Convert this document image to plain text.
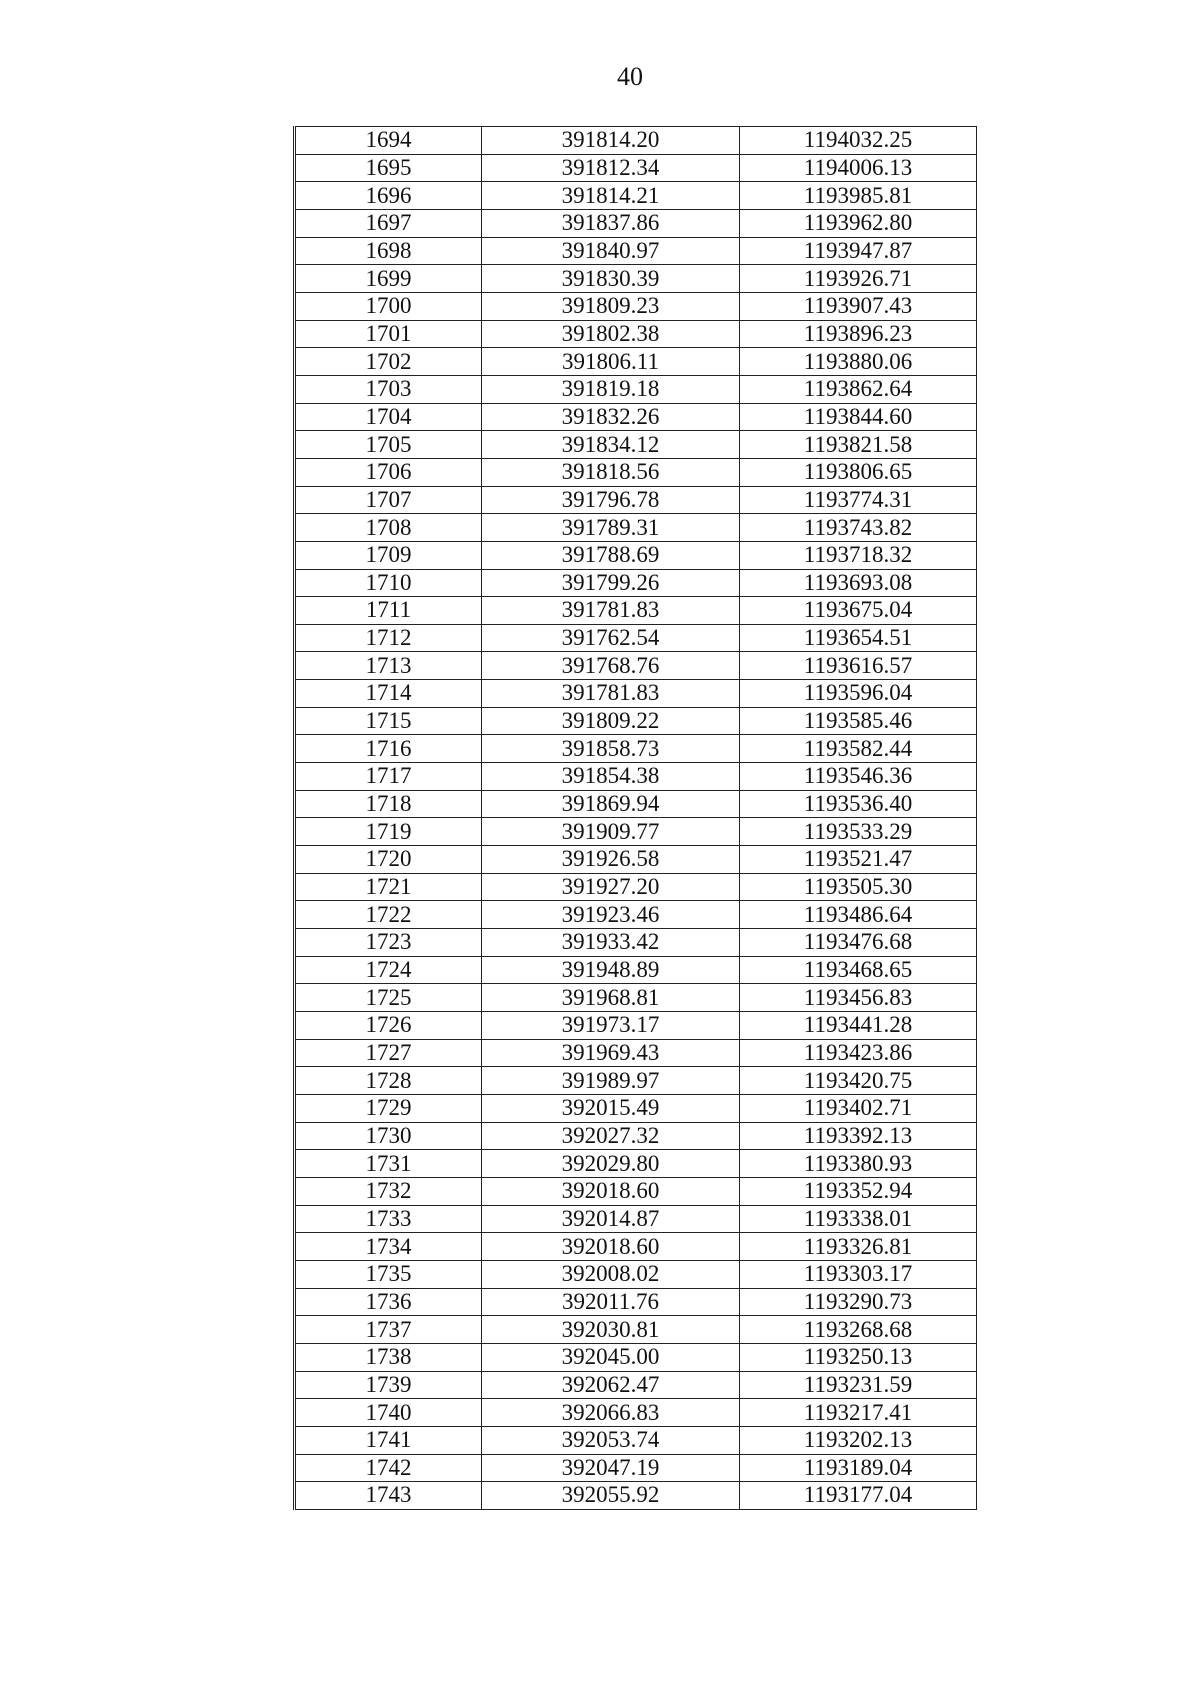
40
1694	391814.20	1194032.25
1695	391812.34	1194006.13
1696	391814.21	1193985.81
1697	391837.86	1193962.80
1698	391840.97	1193947.87
1699	391830.39	1193926.71
1700	391809.23	1193907.43
1701	391802.38	1193896.23
1702	391806.11	1193880.06
1703	391819.18	1193862.64
1704	391832.26	1193844.60
1705	391834.12	1193821.58
1706	391818.56	1193806.65
1707	391796.78	1193774.31
1708	391789.31	1193743.82
1709	391788.69	1193718.32
1710	391799.26	1193693.08
1711	391781.83	1193675.04
1712	391762.54	1193654.51
1713	391768.76	1193616.57
1714	391781.83	1193596.04
1715	391809.22	1193585.46
1716	391858.73	1193582.44
1717	391854.38	1193546.36
1718	391869.94	1193536.40
1719	391909.77	1193533.29
1720	391926.58	1193521.47
1721	391927.20	1193505.30
1722	391923.46	1193486.64
1723	391933.42	1193476.68
1724	391948.89	1193468.65
1725	391968.81	1193456.83
1726	391973.17	1193441.28
1727	391969.43	1193423.86
1728	391989.97	1193420.75
1729	392015.49	1193402.71
1730	392027.32	1193392.13
1731	392029.80	1193380.93
1732	392018.60	1193352.94
1733	392014.87	1193338.01
1734	392018.60	1193326.81
1735	392008.02	1193303.17
1736	392011.76	1193290.73
1737	392030.81	1193268.68
1738	392045.00	1193250.13
1739	392062.47	1193231.59
1740	392066.83	1193217.41
1741	392053.74	1193202.13
1742	392047.19	1193189.04
1743	392055.92	1193177.04
